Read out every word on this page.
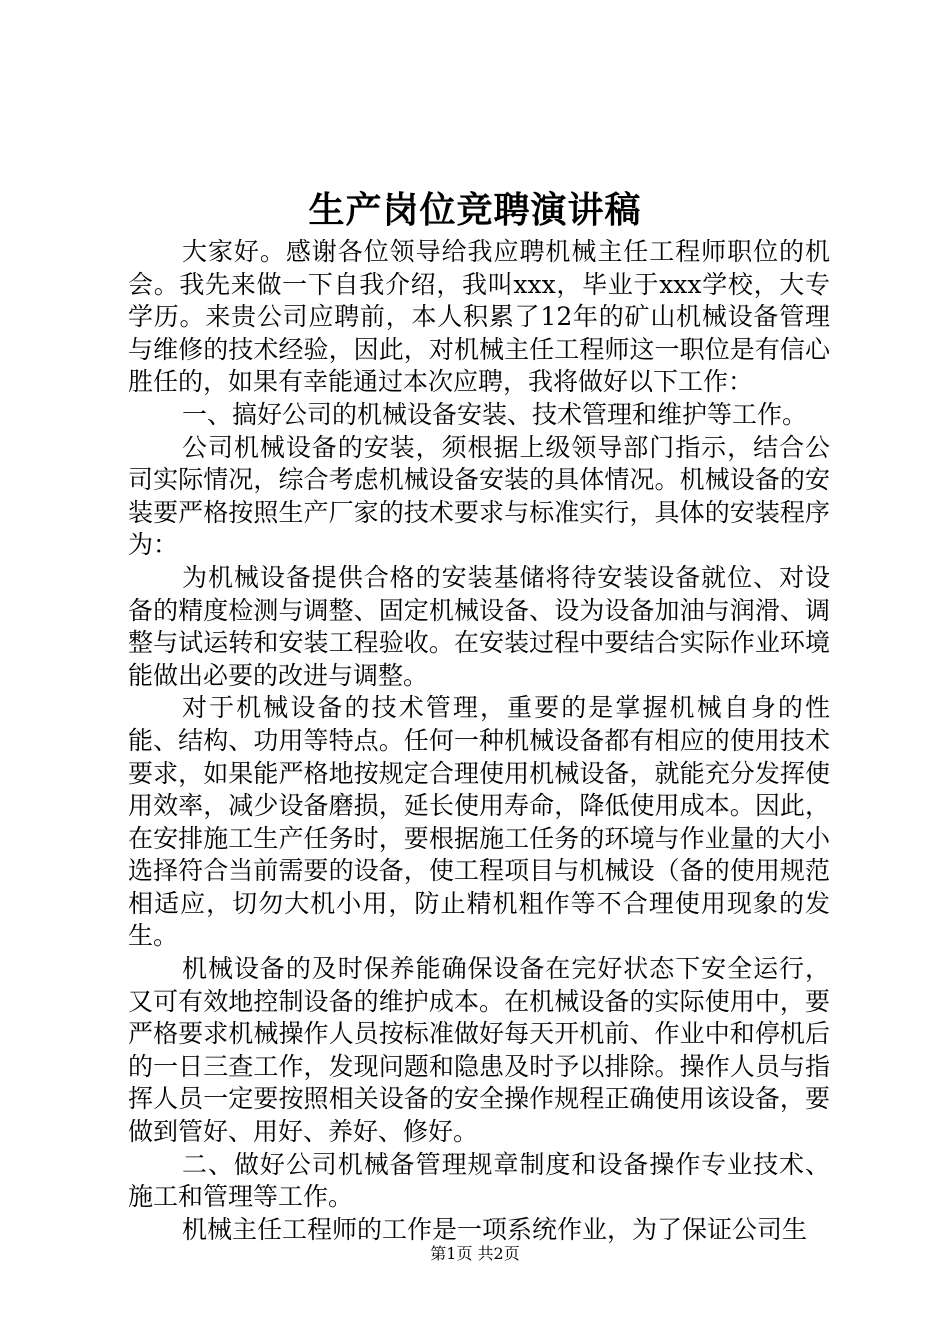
生产岗位竞聘演讲稿

大家好。感谢各位领导给我应聘机械主任工程师职位的机会。我先来做一下自我介绍，我叫xxx，毕业于xxx学校，大专学历。来贵公司应聘前，本人积累了12年的矿山机械设备管理与维修的技术经验，因此，对机械主任工程师这一职位是有信心胜任的，如果有幸能通过本次应聘，我将做好以下工作：

一、搞好公司的机械设备安装、技术管理和维护等工作。

公司机械设备的安装，须根据上级领导部门指示，结合公司实际情况，综合考虑机械设备安装的具体情况。机械设备的安装要严格按照生产厂家的技术要求与标准实行，具体的安装程序为：

为机械设备提供合格的安装基储将待安装设备就位、对设备的精度检测与调整、固定机械设备、设为设备加油与润滑、调整与试运转和安装工程验收。在安装过程中要结合实际作业环境能做出必要的改进与调整。

对于机械设备的技术管理，重要的是掌握机械自身的性能、结构、功用等特点。任何一种机械设备都有相应的使用技术要求，如果能严格地按规定合理使用机械设备，就能充分发挥使用效率，减少设备磨损，延长使用寿命，降低使用成本。因此，在安排施工生产任务时，要根据施工任务的环境与作业量的大小选择符合当前需要的设备，使工程项目与机械设（备的使用规范相适应，切勿大机小用，防止精机粗作等不合理使用现象的发生。

机械设备的及时保养能确保设备在完好状态下安全运行，又可有效地控制设备的维护成本。在机械设备的实际使用中，要严格要求机械操作人员按标准做好每天开机前、作业中和停机后的一日三查工作，发现问题和隐患及时予以排除。操作人员与指挥人员一定要按照相关设备的安全操作规程正确使用该设备，要做到管好、用好、养好、修好。

二、做好公司机械备管理规章制度和设备操作专业技术、施工和管理等工作。

机械主任工程师的工作是一项系统作业，为了保证公司生

第1页 共2页
